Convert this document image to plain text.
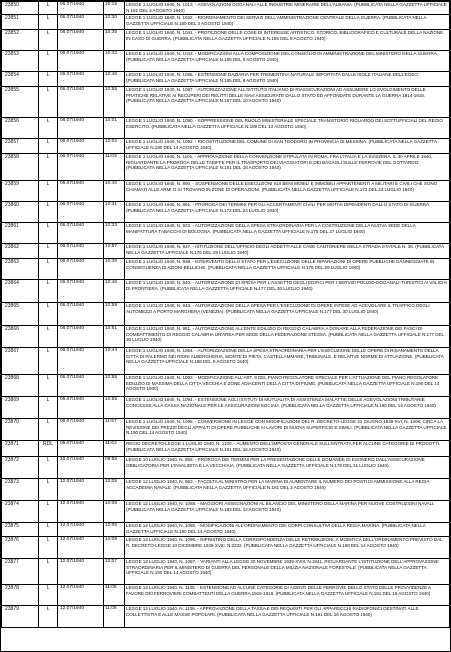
23850	L	06.07/1940	10:15	LEGGE 1 LUGLIO 1940, N. 1013. - AGEVOLAZIONI DOGANALI ALLE INDUSTRIE MINERARIE DELL'ALBANIA. (PUBBLICATA NELLA GAZZETTA UFFICIALE N.161 DEL 3 AGOSTO 1940)
23851	L	06.07/1940	10:30	LEGGE 1 LUGLIO 1940, N. 1032. - RIORDINAMENTO DEI SERVIZI DELL'AMMINISTRAZIONE CENTRALE DELLA GUERRA. (PUBBLICATA NELLA GAZZETTA UFFICIALE N.180 DEL 3 AGOSTO 1940)
23852	L	06.07/1940	10:35	LEGGE 1 LUGLIO 1940, N. 1041. - PROTEZIONE DELLE COSE DI INTERESSE ARTISTICO, STORICO, BIBLIOGRAFICO E CULTURALE DELLA NAZIONE IN CASO DI GUERRA. (PUBBLICATA NELLA GAZZETTA UFFICIALE N.185 DEL 8 AGOSTO 1940)
23853	L	06.07/1940	10:42	LEGGE 1 LUGLIO 1940, N. 1043. - MODIFICAZIONI ALLA COMPOSIZIONE DEL CONSIGLIO DI AMMINISTRAZIONE DEL MINISTERO DELLA GUERRA. (PUBBLICATA NELLA GAZZETTA UFFICIALE N.185 DEL 8 AGOSTO 1940)
23854	L	06.07/1940	10:48	LEGGE 1 LUGLIO 1940, N. 1085. - ESTENSIONE DAZIARIA PER TREMENTINA NATURALE IMPORTATA DALLE ISOLE ITALIANE DELL'EGEO. (PUBBLICATA NELLA GAZZETTA UFFICIALE N.185 DEL 8 AGOSTO 1940)
23855	L	06.07/1940	10:55	LEGGE 1 LUGLIO 1940, N. 1087. - AUTORIZZAZIONE ALL'ISTITUTO ITALIANO DI RIASSICURAZIONI AD ASSUMERE LO SVOLGIMENTO DELLE PRATICHE RELATIVE AI RECUPERI DEI RELITTI DELLE NAVI ASSICURATE DALLO STATO ED AFFONDATE DURANTE LA GUERRA 1914-1918. (PUBBLICATA NELLA GAZZETTA UFFICIALE N.187 DEL 10 AGOSTO 1940)
23856	L	06.07/1940	10:01	LEGGE 1 LUGLIO 1940, N. 1090. - SOPPRESSIONE DEL RUOLO MINISTERIALE SPECIALE TRANSITORIO RIGUARDO DEI SOTTUFFICIALI DEL REGIO ESERCITO. (PUBBLICATA NELLA GAZZETTA UFFICIALE N.189 DEL 13 AGOSTO 1940)
23857	L	06.07/1940	10:02	LEGGE 1 LUGLIO 1940, N. 1092. - RICOSTITUZIONE DEL COMUNE DI SAN TEODORO IN PROVINCIA DI MESSINA. (PUBBLICATA NELLA GAZZETTA UFFICIALE N.190 DEL 14 AGOSTO 1940)
23858	L	06.07/1940	11:03	LEGGE 1 LUGLIO 1940, N. 1101. - APPROVAZIONE DELLA CONVENZIONE STIPULATA IN ROMA, FRA L'ITALIA E LA SVIZZERA, IL 30 APRILE 1940, RIGUARDANTE LA PROROGA DELLE TARIFFE PER IL TRASPORTO DEI VIAGGIATORI E DEI BAGAGLI SULLE FERROVIE DEL GOTTARDO. (PUBBLICATA NELLA GAZZETTA UFFICIALE N.191 DEL 16 AGOSTO 1940)
23859	L	06.07/1940	10:40	LEGGE 1 LUGLIO 1940, N. 890. - SOSPENSIONE DELLE ESECUZIONI SUI BENI MOBILI E IMMOBILI APPARTENENTI A MILITARI E CIVILI CHE SONO CHIAMATI ALLE ARMI O SI TROVANO IN ZONE DI OPERAZIONI. (PUBBLICATA NELLA GAZZETTA UFFICIALE N.172 DEL 24 LUGLIO 1940)
23860	L	06.07/1940	10:31	LEGGE 1 LUGLIO 1940, N. 891. - PROROGA DEI TERMINI PER GLI ACCERTAMENTI CIVILI PER MOTIVI DIPENDENTI DALLO STATO DI GUERRA. (PUBBLICATA NELLA GAZZETTA UFFICIALE N.172 DEL 24 LUGLIO 1940)
23861	L	06.07/1940	10:33	LEGGE 1 LUGLIO 1940, N. 923. - AUTORIZZAZIONE DELLA SPESA STRAORDINARIA PER LA COSTRUZIONE DELLA NUOVA SEDE DELLA MANIFATTURA TABACCHI DI BOLOGNA. (PUBBLICATA NELLA GAZZETTA UFFICIALE N.175 DEL 27 LUGLIO 1940)
23862	L	06.07/1940	10:57	LEGGE 1 LUGLIO 1940, N. 937. - ISTITUZIONE DELL'UFFICIO DEGLI ADDETTI ALLE CASE CANTONIERE DELLA STRADA STATALE N. 36. (PUBBLICATA NELLA GAZZETTA UFFICIALE N.176 DEL 29 LUGLIO 1940)
23863	L	06.07/1940	10:36	LEGGE 1 LUGLIO 1940, N. 938. - INTERVENTO DELLO STATO PER L'ESECUZIONE DELLE RIPARAZIONI DI OPERE PUBBLICHE DANNEGGIATE IN CONSEGUENZA DI AZIONI BELLICHE. (PUBBLICATA NELLA GAZZETTA UFFICIALE N.176 DEL 29 LUGLIO 1940)
23864	L	06.07/1940	10:48	LEGGE 1 LUGLIO 1940, N. 940. - AUTORIZZAZIONE DI SPESA PER L'ASSETTO DEGLI EDIFICI PER I SERVIZI POLIZIO-DOGANALI-TURISTICI AI VALICHI DI FRONTIERA. (PUBBLICATA NELLA GAZZETTA UFFICIALE N.177 DEL 30 LUGLIO 1940)
23865	L	06.07/1940	10:59	LEGGE 1 LUGLIO 1940, N. 943. - AUTORIZZAZIONE DELLA SPESA PER L'ESECUZIONE DI OPERE INTESE AD AGEVOLARE IL TRAFFICO DEGLI AUTOMEZZI A PORTO MARGHERA (VENEZIA). (PUBBLICATA NELLA GAZZETTA UFFICIALE N.177 DEL 30 LUGLIO 1940)
23866	L	06.07/1940	10:51	LEGGE 1 LUGLIO 1940, N. 951. - AUTORIZZAZIONE ALL'ENTE EDILIZIO DI REGGIO CALABRIA A DONARE ALLA FEDERAZIONE DEI FASCI DI COMBATTIMENTO DI REGGIO CALABRIA UN'AREA PER SEDE DELLA FEDERAZIONE STESSA. (PUBBLICATA NELLA GAZZETTA UFFICIALE N.177 DEL 30 LUGLIO 1940)
23867	L	06.07/1940	10:44	LEGGE 1 LUGLIO 1940, N. 1064. - AUTORIZZAZIONE DELLA SPESA STRAORDINARIA PER L'ESECUZIONE DELLE OPERE DI RISANAMENTO DELLA CITTA DI PALERMO NEI RIONI ALBERGHERIA, MONTE DI PIETA, CASTELLAMMARE, TRIBUNALE, E RELATIVE NORME DI ATTUAZIONE. (PUBBLICATA NELLA GAZZETTA UFFICIALE N.186 DEL 9 AGOSTO 1940)
23868	L	06.07/1940	10:55	LEGGE 1 LUGLIO 1940, N. 1093. - MODIFICAZIONE ALL'ART. 8 DEL PIANO REGOLATORE SPECIALE PER L'ATTUAZIONE DEL PIANO REGOLATORE EDILIZIO DI MASSIMA DELLA CITTA VECCHIA E ZONE ADIACENTI DELLA CITTA DI FIUME. (PUBBLICATA NELLA GAZZETTA UFFICIALE N.190 DEL 14 AGOSTO 1940)
23869	L	06.07/1940	10:55	LEGGE 1 LUGLIO 1940, N. 1094. - ESTENSIONE AGLI ISTITUTI DI MUTUALITA DI ASSISTENZA MALATTIE DELLE AGEVOLAZIONI TRIBUTARIE CONCESSE ALLA CASSA NAZIONALE PER LE ASSICURAZIONI SOCIALI. (PUBBLICATA NELLA GAZZETTA UFFICIALE N.190 DEL 14 AGOSTO 1940)
23870	L	06.07/1940	11:57	LEGGE 1 LUGLIO 1940, N. 1095. - CONVERSIONE IN LEGGE CON MODIFICAZIONI DEL R. DECRETO-LEGGE 21 GIUGNO 1938-XVI, N. 1208, CIRCA LA REVISIONE DEI PREZZI DEGLI APPALTI DI OPERE PUBBLICHE AI LAVORI DI NUOVA SUPERFICIE E SIMILI. (PUBBLICATA NELLA GAZZETTA UFFICIALE N.190 DEL 14 AGOSTO 1940)
23871	RDL	06.07/1940	11:63	REGIO DECRETO-LEGGE 1 LUGLIO 1940, N. 1100. - AUMENTO DELL'IMPOSTA GENERALE SULL'ENTRATA PER ALCUNE CATEGORIE DI PRODOTTI. (PUBBLICATA NELLA GAZZETTA UFFICIALE N.191 DEL 16 AGOSTO 1940)
23872	L	10.07/1940	09:58	LEGGE 10 LUGLIO 1940, N. 958. - PROROGA DEI TERMINI PER LA PRESENTAZIONE DELLE DOMANDE DI ESONERO DALL'ASSICURAZIONE OBBLIGATORIA PER L'INVALIDITA E LA VECCHIAIA. (PUBBLICATA NELLA GAZZETTA UFFICIALE N.178 DEL 31 LUGLIO 1940)
23873	L	12.07/1940	10:05	LEGGE 12 LUGLIO 1940, N. 963. - FACOLTA AL MINISTRO PER LA MARINA DI AUMENTARE IL NUMERO DEI POSTI DI AMMISSIONE ALLA REGIA ACCADEMIA NAVALE. (PUBBLICATA NELLA GAZZETTA UFFICIALE N.181 DEL 3 AGOSTO 1940)
23874	L	12.07/1940	10:08	LEGGE 12 LUGLIO 1940, N. 1068. - MAGGIORI ASSEGNAZIONI AL BILANCIO DEL MINISTERO DELLA MARINA PER NUOVE COSTRUZIONI NAVALI. (PUBBLICATA NELLA GAZZETTA UFFICIALE N.183 DEL 12 AGOSTO 1940)
23875	L	12.07/1940	10:06	LEGGE 12 LUGLIO 1940, N. 1095. - MODIFICAZIONI ALL'ORDINAMENTO DEI CORPI CONSULTIVI DELLA REGIA MARINA. (PUBBLICATA NELLA GAZZETTA UFFICIALE N.190 DEL 14 AGOSTO 1940)
23876	L	12.07/1940	10:08	LEGGE 12 LUGLIO 1940, N. 1096. - RIPRISTINO DELLA CORRISPONDENZA DELLE RETRIBUZIONI, A MODIFICA DELL'ORDINAMENTO PREVISTO DAL R. DECRETO-LEGGE 10 DICEMBRE 1939-XVIII, N.2232. (PUBBLICATA NELLA GAZZETTA UFFICIALE N.190 DEL 14 AGOSTO 1940)
23877	L	12.07/1940	10:07	LEGGE 12 LUGLIO 1940, N. 1097. - VARIANTI ALLA LEGGE 30 NOVEMBRE 1939-XVIII, N.1941, RIGUARDANTE L'ISTITUZIONE DELL'APPROVAZIONE STRAORDINARIA PER IL MINISTERO DI GUERRA DEL PERSONALE DELLA MILIZIA NAZIONALE FORESTALE. (PUBBLICATA NELLA GAZZETTA UFFICIALE N.190 DEL 14 AGOSTO 1940)
23878	L	12.07/1940	11:05	LEGGE 12 LUGLIO 1940, N. 1105. - ESTENSIONE AD ALCUNE CATEGORIE DI AGENTI DELLE FERROVIE DELLO STATO DELLE PROVVIDENZE A FAVORE DEI FERROVIERI COMBATTENTI DELLA GUERRA 1915-1918. (PUBBLICATA NELLA GAZZETTA UFFICIALE N.191 DEL 16 AGOSTO 1940)
23879	L	12.07/1940	11:06	LEGGE 12 LUGLIO 1940, N. 1106. - APPROVAZIONE DELLA TASSA E DEI REQUISITI PER GLI APPARECCHI RADIOFONICI DESTINATI ALLE COLLETTIVITA E ALLE MASSE POPOLARI. (PUBBLICATA NELLA GAZZETTA UFFICIALE N.191 DEL 16 AGOSTO 1940)
